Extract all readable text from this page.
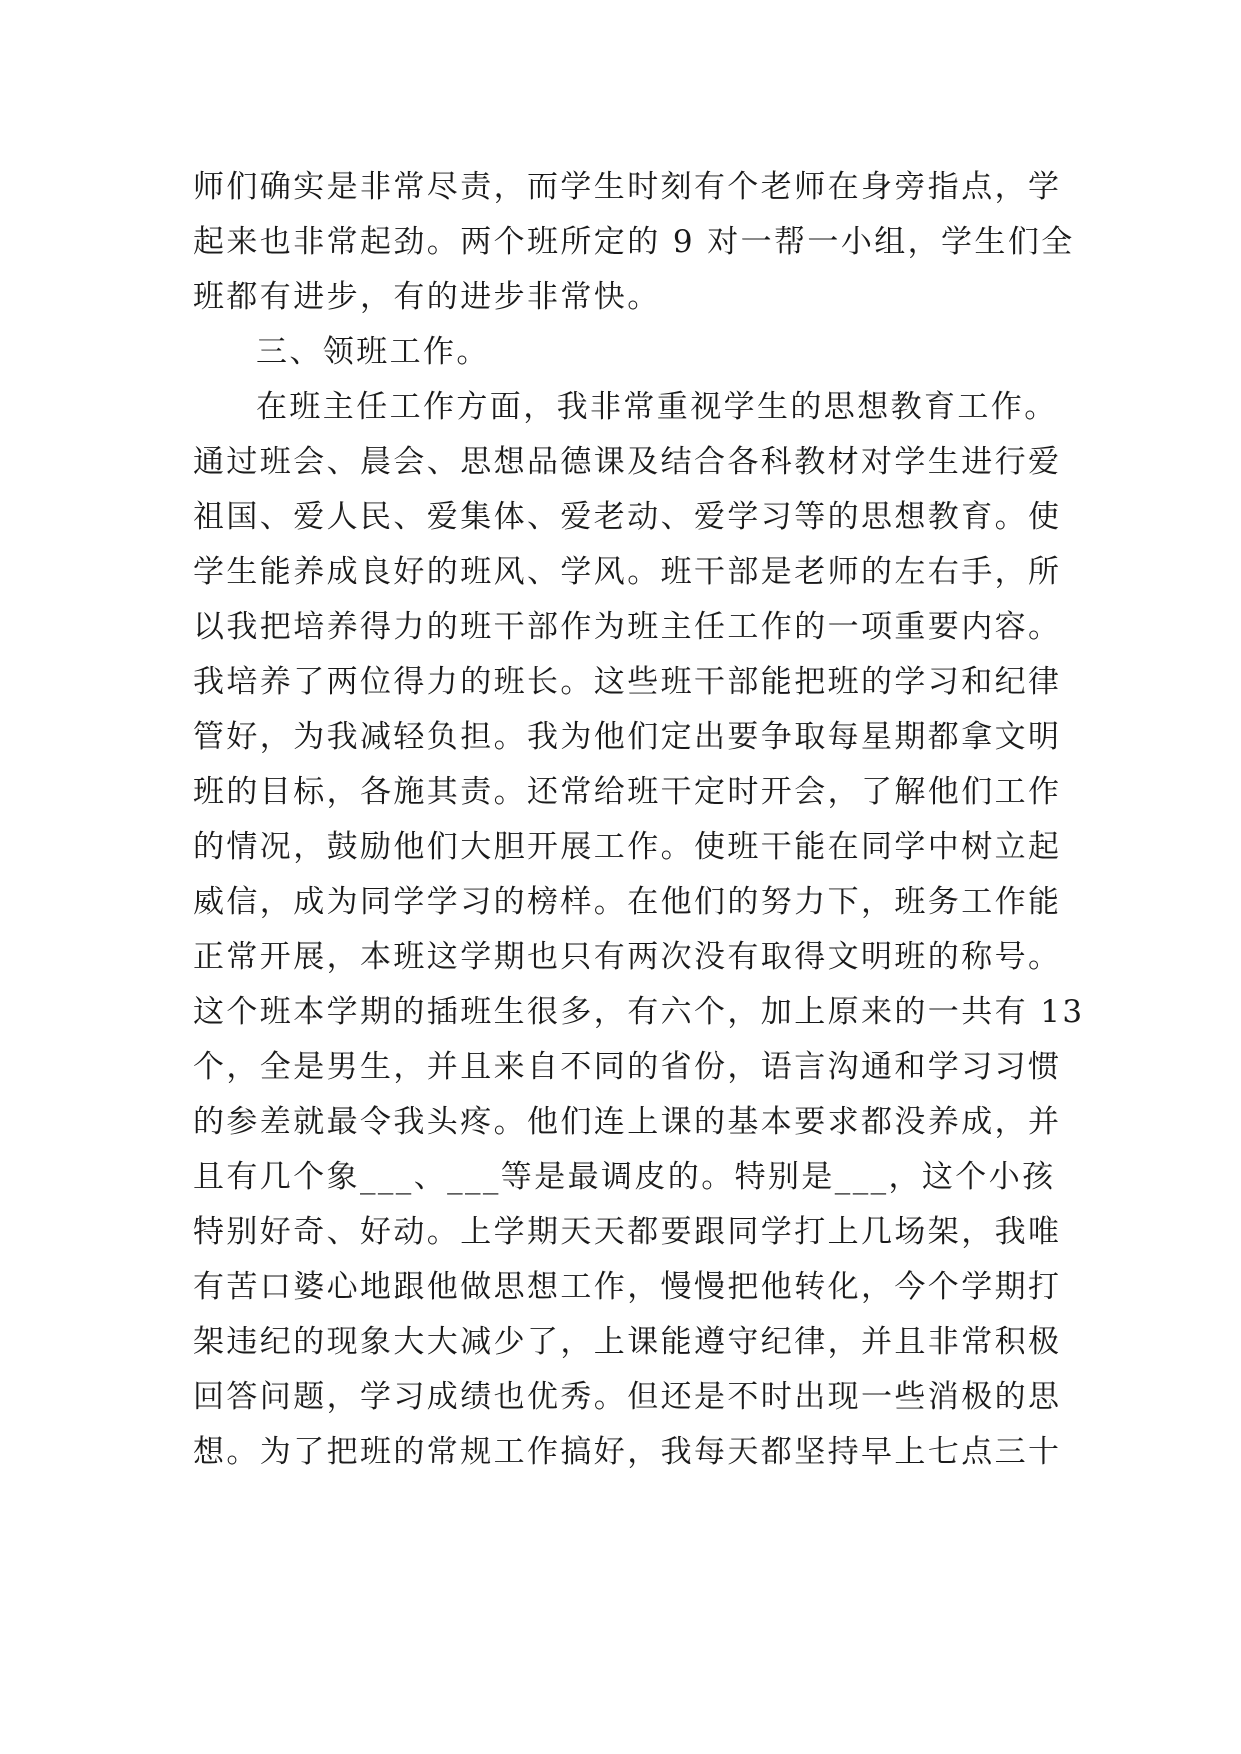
师们确实是非常尽责，而学生时刻有个老师在身旁指点，学
起来也非常起劲。两个班所定的 9 对一帮一小组，学生们全
班都有进步，有的进步非常快。
三、领班工作。
在班主任工作方面，我非常重视学生的思想教育工作。
通过班会、晨会、思想品德课及结合各科教材对学生进行爱
祖国、爱人民、爱集体、爱老动、爱学习等的思想教育。使
学生能养成良好的班风、学风。班干部是老师的左右手，所
以我把培养得力的班干部作为班主任工作的一项重要内容。
我培养了两位得力的班长。这些班干部能把班的学习和纪律
管好，为我减轻负担。我为他们定出要争取每星期都拿文明
班的目标，各施其责。还常给班干定时开会，了解他们工作
的情况，鼓励他们大胆开展工作。使班干能在同学中树立起
威信，成为同学学习的榜样。在他们的努力下，班务工作能
正常开展，本班这学期也只有两次没有取得文明班的称号。
这个班本学期的插班生很多，有六个，加上原来的一共有 13
个，全是男生，并且来自不同的省份，语言沟通和学习习惯
的参差就最令我头疼。他们连上课的基本要求都没养成，并
且有几个象___、___等是最调皮的。特别是___，这个小孩
特别好奇、好动。上学期天天都要跟同学打上几场架，我唯
有苦口婆心地跟他做思想工作，慢慢把他转化，今个学期打
架违纪的现象大大减少了，上课能遵守纪律，并且非常积极
回答问题，学习成绩也优秀。但还是不时出现一些消极的思
想。为了把班的常规工作搞好，我每天都坚持早上七点三十
